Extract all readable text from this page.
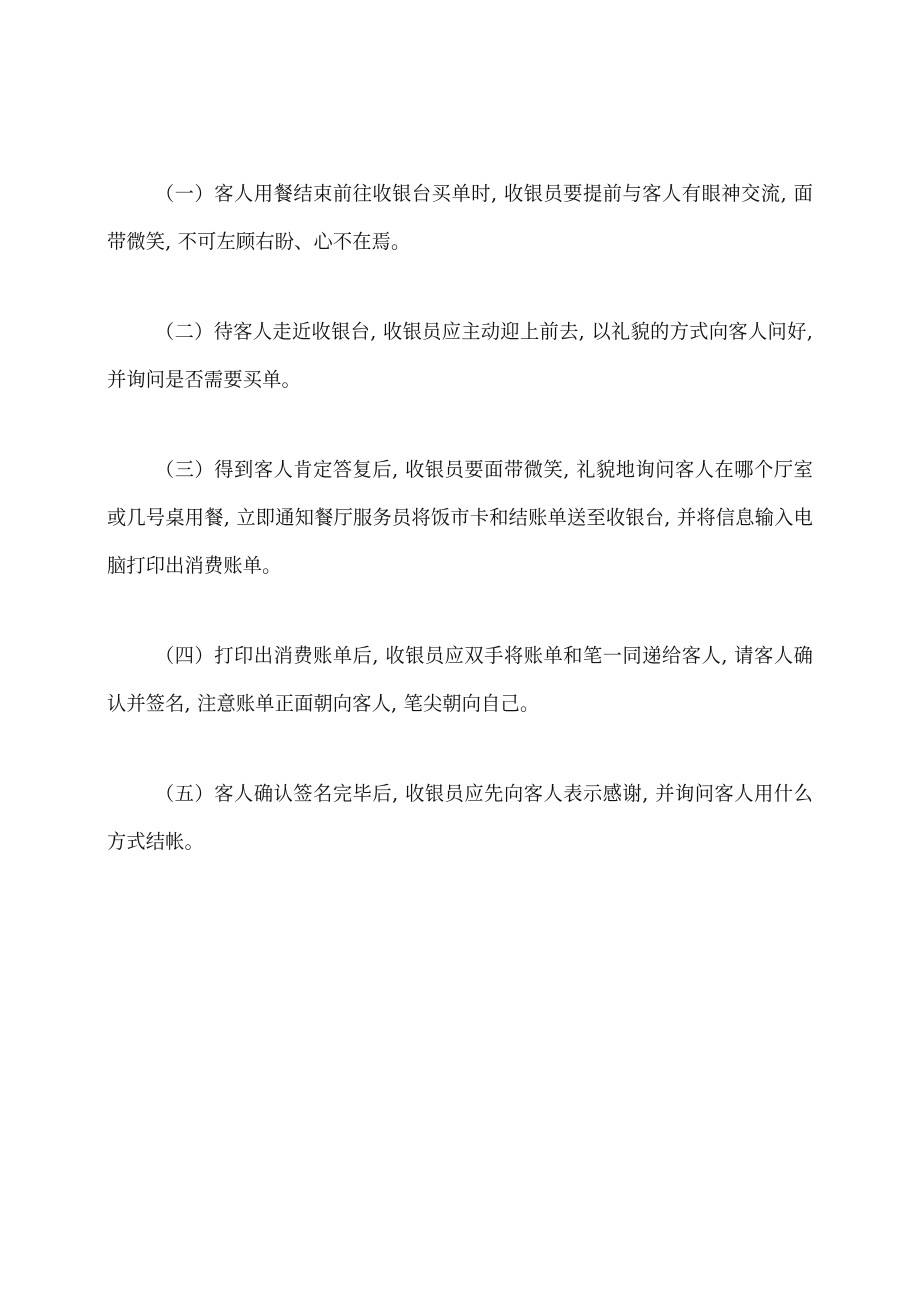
（一）客人用餐结束前往收银台买单时, 收银员要提前与客人有眼神交流, 面带微笑, 不可左顾右盼、心不在焉。

（二）待客人走近收银台, 收银员应主动迎上前去, 以礼貌的方式向客人问好, 并询问是否需要买单。

（三）得到客人肯定答复后, 收银员要面带微笑, 礼貌地询问客人在哪个厅室或几号桌用餐, 立即通知餐厅服务员将饭市卡和结账单送至收银台, 并将信息输入电脑打印出消费账单。

（四）打印出消费账单后, 收银员应双手将账单和笔一同递给客人, 请客人确认并签名, 注意账单正面朝向客人, 笔尖朝向自己。

（五）客人确认签名完毕后, 收银员应先向客人表示感谢, 并询问客人用什么方式结帐。
